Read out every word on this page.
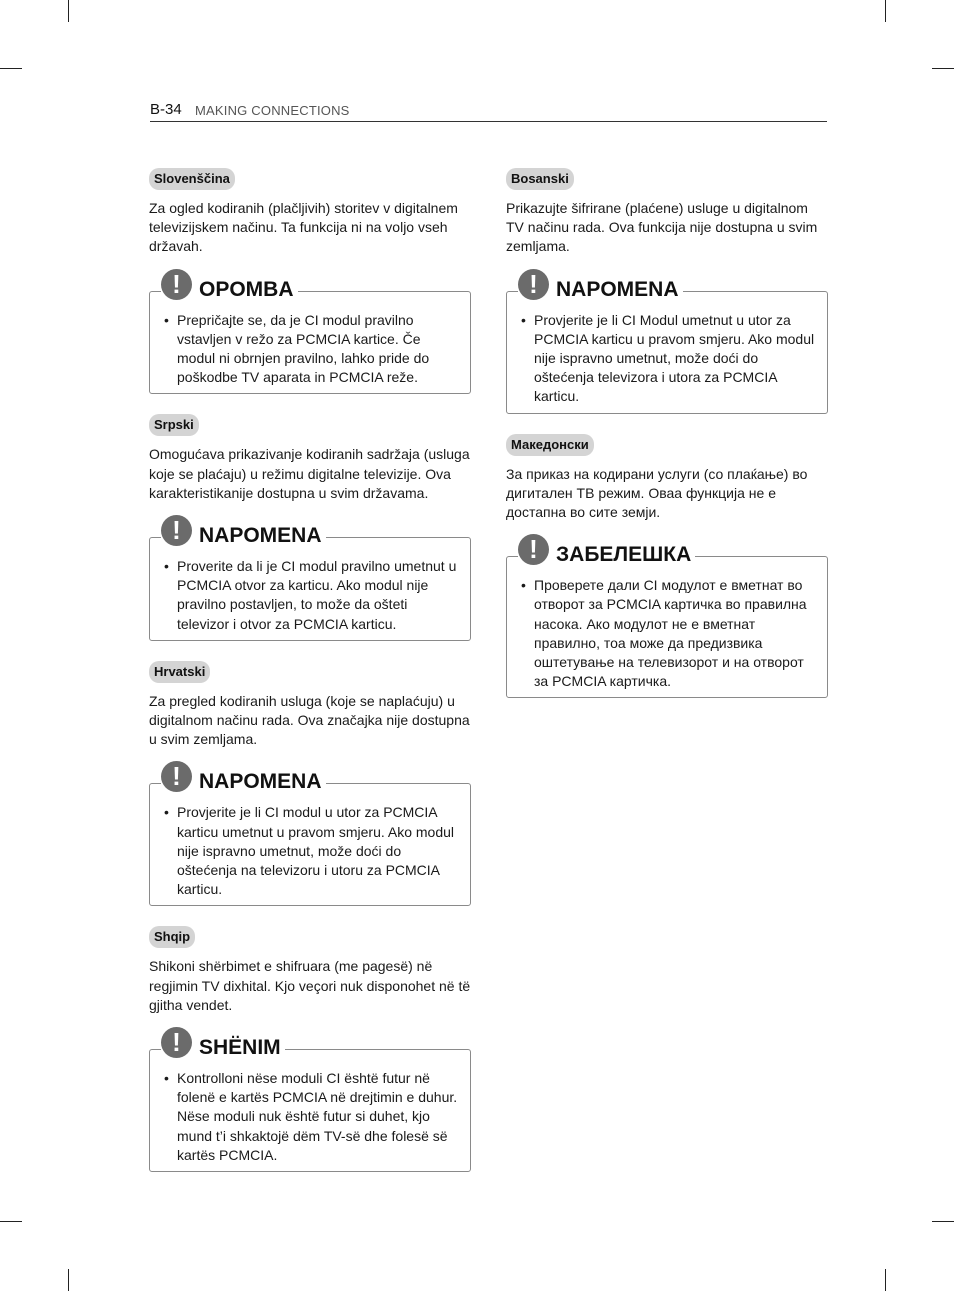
B-34 MAKING CONNECTIONS
Slovenščina
Za ogled kodiranih (plačljivih) storitev v digitalnem televizijskem načinu. Ta funkcija ni na voljo vseh državah.
! OPOMBA
• Prepričajte se, da je CI modul pravilno vstavljen v režo za PCMCIA kartice. Če modul ni obrnjen pravilno, lahko pride do poškodbe TV aparata in PCMCIA reže.
Srpski
Omogućava prikazivanje kodiranih sadržaja (usluga koje se plaćaju) u režimu digitalne televizije. Ova karakteristikanije dostupna u svim državama.
! NAPOMENA
• Proverite da li je CI modul pravilno umetnut u PCMCIA otvor za karticu. Ako modul nije pravilno postavljen, to može da ošteti televizor i otvor za PCMCIA karticu.
Hrvatski
Za pregled kodiranih usluga (koje se naplaćuju) u digitalnom načinu rada. Ova značajka nije dostupna u svim zemljama.
! NAPOMENA
• Provjerite je li CI modul u utor za PCMCIA karticu umetnut u pravom smjeru. Ako modul nije ispravno umetnut, može doći do oštećenja na televizoru i utoru za PCMCIA karticu.
Shqip
Shikoni shërbimet e shifruara (me pagesë) në regjimin TV dixhital. Kjo veçori nuk disponohet në të gjitha vendet.
! SHËNIM
• Kontrolloni nëse moduli CI është futur në folenë e kartës PCMCIA në drejtimin e duhur. Nëse moduli nuk është futur si duhet, kjo mund t’i shkaktojë dëm TV-së dhe folesë së kartës PCMCIA.
Bosanski
Prikazujte šifrirane (plaćene) usluge u digitalnom TV načinu rada. Ova funkcija nije dostupna u svim zemljama.
! NAPOMENA
• Provjerite je li CI Modul umetnut u utor za PCMCIA karticu u pravom smjeru. Ako modul nije ispravno umetnut, može doći do oštećenja televizora i utora za PCMCIA karticu.
Македонски
За приказ на кодирани услуги (со плаќање) во дигитален ТВ режим. Оваа функција не е достапна во сите земји.
! ЗАБЕЛЕШКА
• Проверете дали CI модулот е вметнат во отворот за PCMCIA картичка во правилна насока. Ако модулот не е вметнат правилно, тоа може да предизвика оштетување на телевизорот и на отворот за PCMCIA картичка.
